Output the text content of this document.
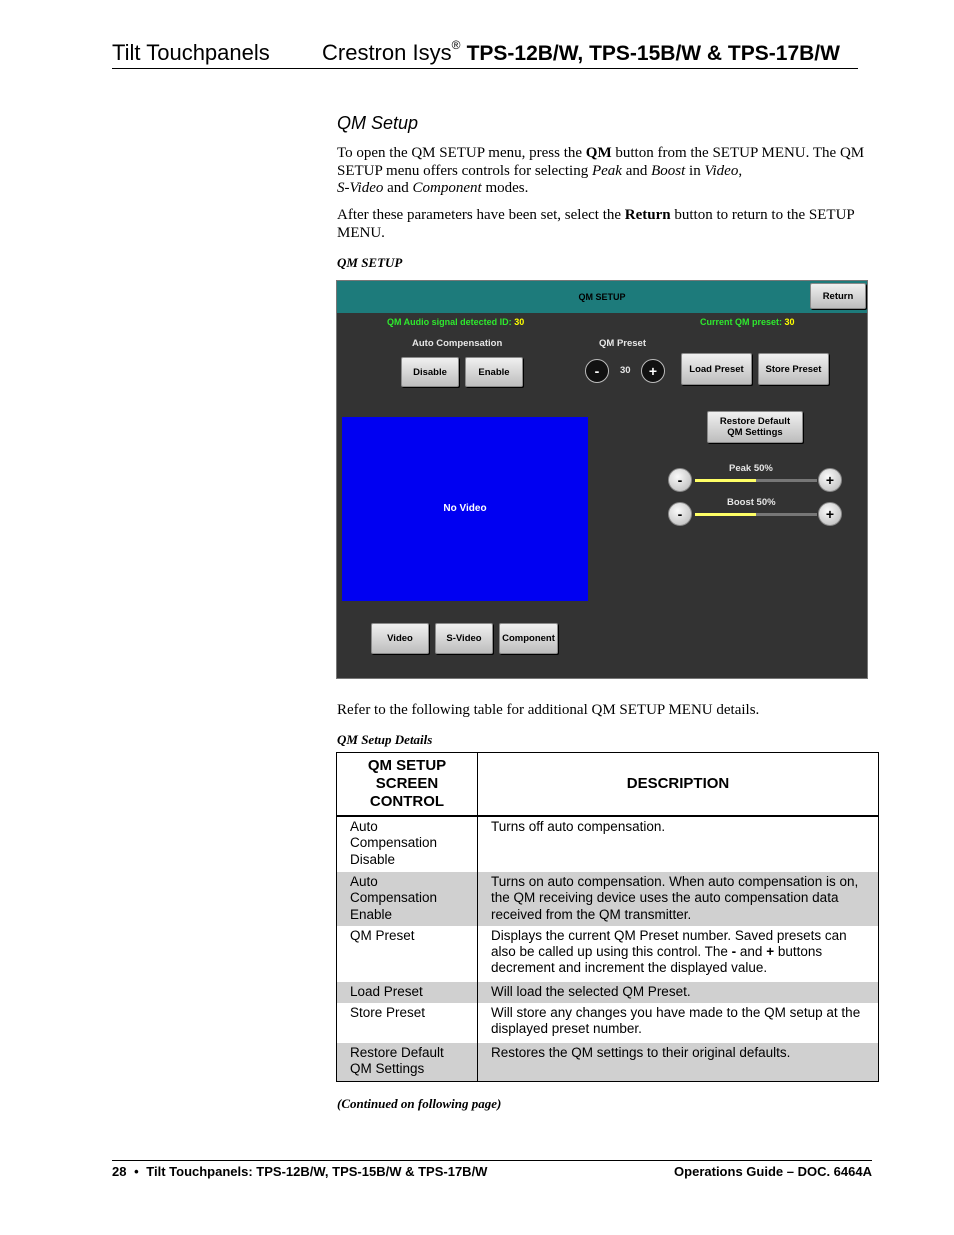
Tilt Touchpanels Crestron Isys® TPS-12B/W, TPS-15B/W & TPS-17B/W
QM Setup
To open the QM SETUP menu, press the QM button from the SETUP MENU. The QM SETUP menu offers controls for selecting Peak and Boost in Video,
S-Video and Component modes.
After these parameters have been set, select the Return button to return to the SETUP MENU.
QM SETUP
QM SETUP	Return
QM Audio signal detected ID: 30	Current QM preset: 30
Auto Compensation
Disable	Enable
QM Preset
-	30	+	Load Preset	Store Preset
Restore Default
QM Settings
No Video
Peak 50%
-	+
Boost 50%
-	+
Video	S-Video	Component
Refer to the following table for additional QM SETUP MENU details.
QM Setup Details
QM SETUP
SCREEN
CONTROL	DESCRIPTION
Auto
Compensation
Disable	Turns off auto compensation.
Auto
Compensation
Enable	Turns on auto compensation. When auto compensation is on, the QM receiving device uses the auto compensation data received from the QM transmitter.
QM Preset	Displays the current QM Preset number. Saved presets can also be called up using this control. The - and + buttons decrement and increment the displayed value.
Load Preset	Will load the selected QM Preset.
Store Preset	Will store any changes you have made to the QM setup at the displayed preset number.
Restore Default
QM Settings	Restores the QM settings to their original defaults.
(Continued on following page)
28 • Tilt Touchpanels: TPS-12B/W, TPS-15B/W & TPS-17B/W	Operations Guide – DOC. 6464A
